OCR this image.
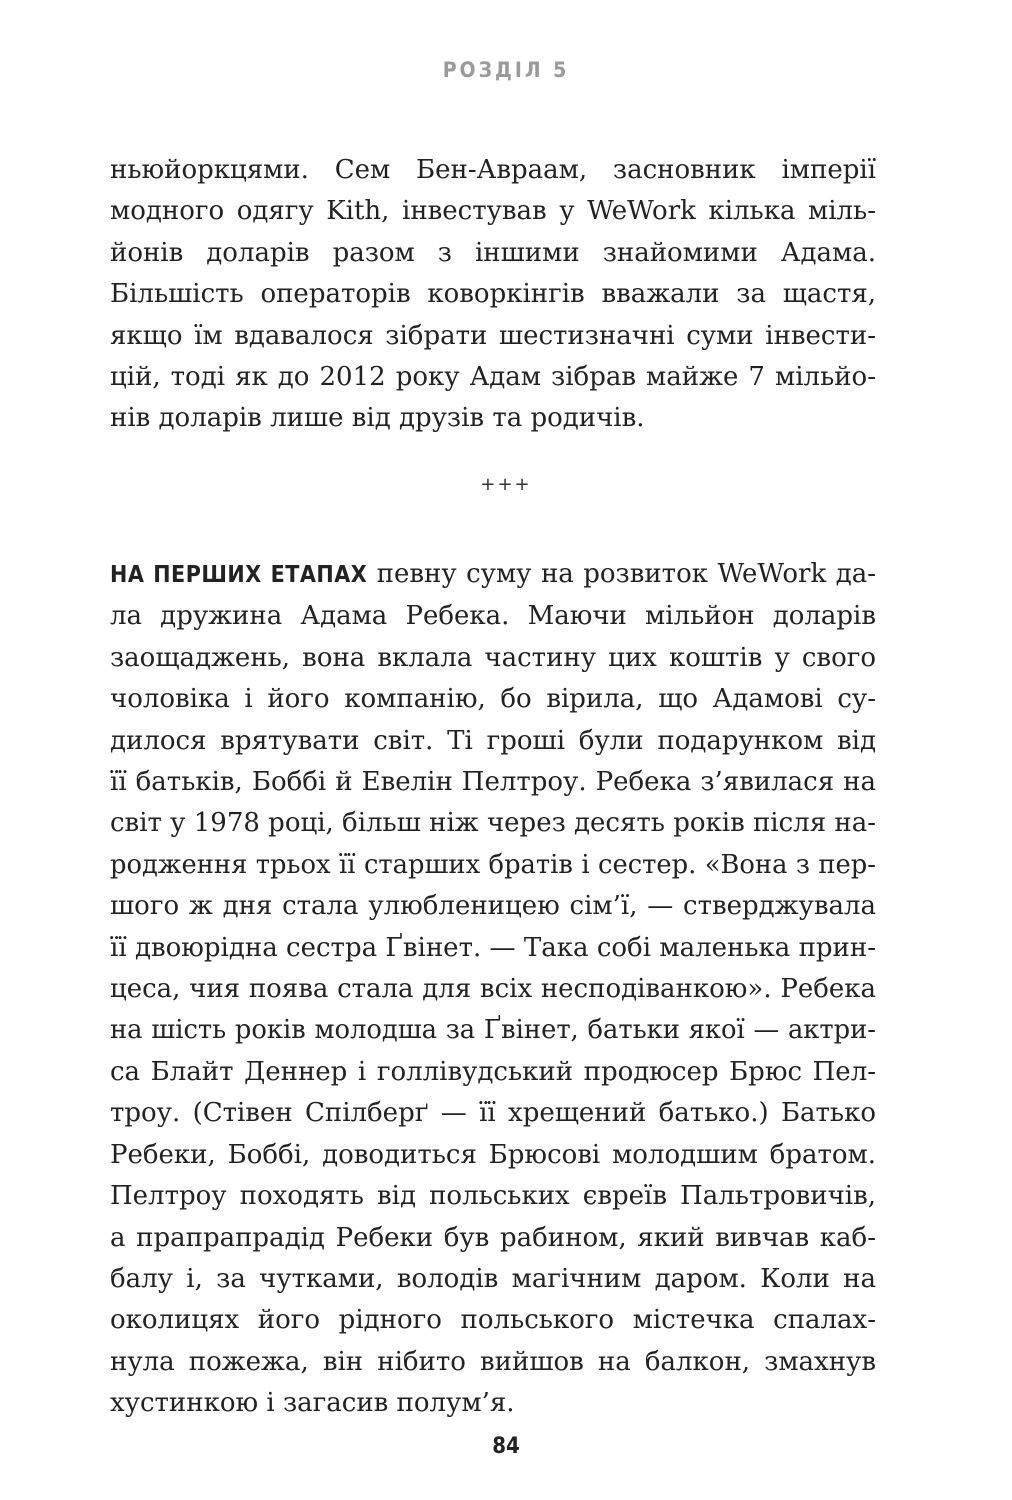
РОЗДІЛ 5
ньюйоркцями. Сем Бен-Авраам, засновник імперії
модного одягу Kith, інвестував у WeWork кілька міль-
йонів доларів разом з іншими знайомими Адама.
Більшість операторів коворкінгів вважали за щастя,
якщо їм вдавалося зібрати шестизначні суми інвести-
цій, тоді як до 2012 року Адам зібрав майже 7 мільйо-
нів доларів лише від друзів та родичів.
+++
НА ПЕРШИХ ЕТАПАХ певну суму на розвиток WeWork да-
ла дружина Адама Ребека. Маючи мільйон доларів
заощаджень, вона вклала частину цих коштів у свого
чоловіка і його компанію, бо вірила, що Адамові су-
дилося врятувати світ. Ті гроші були подарунком від
її батьків, Боббі й Евелін Пелтроу. Ребека з’явилася на
світ у 1978 році, більш ніж через десять років після на-
родження трьох її старших братів і сестер. «Вона з пер-
шого ж дня стала улюбленицею сім’ї, — стверджувала
її двоюрідна сестра Ґвінет. — Така собі маленька прин-
цеса, чия поява стала для всіх несподіванкою». Ребека
на шість років молодша за Ґвінет, батьки якої — актри-
са Блайт Деннер і голлівудський продюсер Брюс Пел-
троу. (Стівен Спілберґ — її хрещений батько.) Батько
Ребеки, Боббі, доводиться Брюсові молодшим братом.
Пелтроу походять від польських євреїв Пальтровичів,
а прапрапрадід Ребеки був рабином, який вивчав каб-
балу і, за чутками, володів магічним даром. Коли на
околицях його рідного польського містечка спалах-
нула пожежа, він нібито вийшов на балкон, змахнув
хустинкою і загасив полум’я.
84
